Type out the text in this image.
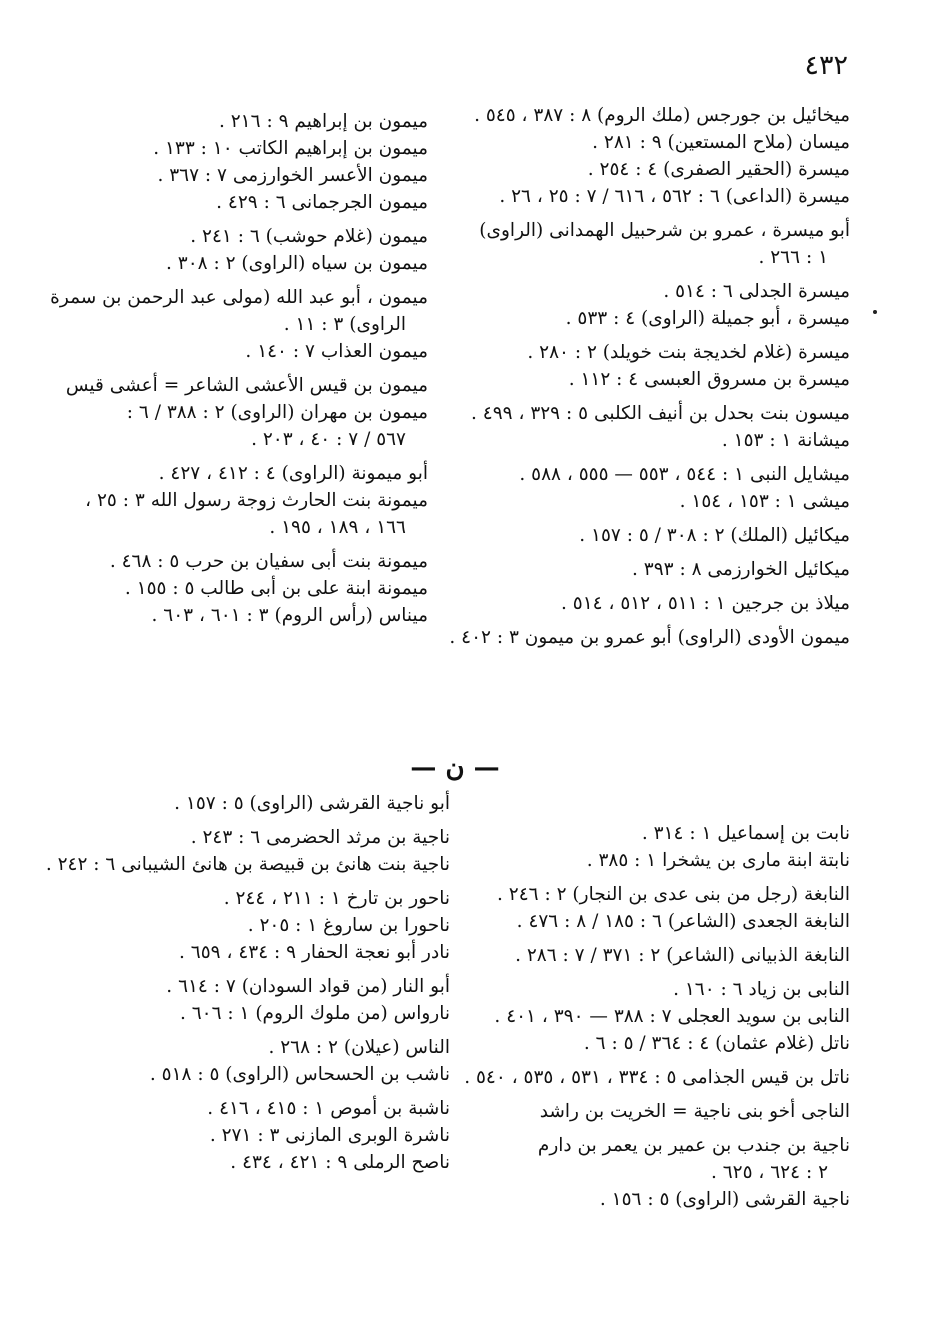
٤٣٢
ميخائيل بن جورجس (ملك الروم) ٨ : ٣٨٧ ، ٥٤٥ .
ميسان (ملاح المستعين) ٩ : ٢٨١ .
ميسرة (الحقير الصفرى) ٤ : ٢٥٤ .
ميسرة (الداعى) ٦ : ٥٦٢ ، ٦١٦ / ٧ : ٢٥ ، ٢٦ .
أبو ميسرة ، عمرو بن شرحبيل الهمدانى (الراوى)
١ : ٢٦٦ .
ميسرة الجدلى ٦ : ٥١٤ .
ميسرة ، أبو جميلة (الراوى) ٤ : ٥٣٣ .
ميسرة (غلام لخديجة بنت خويلد) ٢ : ٢٨٠ .
ميسرة بن مسروق العبسى ٤ : ١١٢ .
ميسون بنت بحدل بن أنيف الكلبى ٥ : ٣٢٩ ، ٤٩٩ .
ميشانة ١ : ١٥٣ .
ميشايل النبى ١ : ٥٤٤ ، ٥٥٣ — ٥٥٥ ، ٥٨٨ .
ميشى ١ : ١٥٣ ، ١٥٤ .
ميكائيل (الملك) ٢ : ٣٠٨ / ٥ : ١٥٧ .
ميكائيل الخوارزمى ٨ : ٣٩٣ .
ميلاذ بن جرجين ١ : ٥١١ ، ٥١٢ ، ٥١٤ .
ميمون الأودى (الراوى) أبو عمرو بن ميمون ٣ : ٤٠٢ .
ميمون بن إبراهيم ٩ : ٢١٦ .
ميمون بن إبراهيم الكاتب ١٠ : ١٣٣ .
ميمون الأعسر الخوارزمى ٧ : ٣٦٧ .
ميمون الجرجمانى ٦ : ٤٢٩ .
ميمون (غلام حوشب) ٦ : ٢٤١ .
ميمون بن سياه (الراوى) ٢ : ٣٠٨ .
ميمون ، أبو عبد الله (مولى عبد الرحمن بن سمرة
الراوى) ٣ : ١١ .
ميمون العذاب ٧ : ١٤٠ .
ميمون بن قيس الأعشى الشاعر = أعشى قيس
ميمون بن مهران (الراوى) ٢ : ٣٨٨ / ٦ :
٥٦٧ / ٧ : ٤٠ ، ٢٠٣ .
أبو ميمونة (الراوى) ٤ : ٤١٢ ، ٤٢٧ .
ميمونة بنت الحارث زوجة رسول الله ٣ : ٢٥ ،
١٦٦ ، ١٨٩ ، ١٩٥ .
ميمونة بنت أبى سفيان بن حرب ٥ : ٤٦٨ .
ميمونة ابنة على بن أبى طالب ٥ : ١٥٥ .
ميناس (رأس الروم) ٣ : ٦٠١ ، ٦٠٣ .
— ن —
نابت بن إسماعيل ١ : ٣١٤ .
نابتة ابنة مارى بن يشخرا ١ : ٣٨٥ .
النابغة (رجل من بنى عدى بن النجار) ٢ : ٢٤٦ .
النابغة الجعدى (الشاعر) ٦ : ١٨٥ / ٨ : ٤٧٦ .
النابغة الذبيانى (الشاعر) ٢ : ٣٧١ / ٧ : ٢٨٦ .
النابى بن زياد ٦ : ١٦٠ .
النابى بن سويد العجلى ٧ : ٣٨٨ — ٣٩٠ ، ٤٠١ .
ناتل (غلام عثمان) ٤ : ٣٦٤ / ٥ : ٦ .
ناتل بن قيس الجذامى ٥ : ٣٣٤ ، ٥٣١ ، ٥٣٥ ، ٥٤٠ .
الناجى أخو بنى ناجية = الخريت بن راشد
ناجية بن جندب بن عمير بن يعمر بن دارم
٢ : ٦٢٤ ، ٦٢٥ .
ناجية القرشى (الراوى) ٥ : ١٥٦ .
أبو ناجية القرشى (الراوى) ٥ : ١٥٧ .
ناجية بن مرثد الحضرمى ٦ : ٢٤٣ .
ناجية بنت هانئ بن قبيصة بن هانئ الشيبانى ٦ : ٢٤٢ .
ناحور بن تارخ ١ : ٢١١ ، ٢٤٤ .
ناحورا بن ساروغ ١ : ٢٠٥ .
نادر أبو نعجة الحفار ٩ : ٤٣٤ ، ٦٥٩ .
أبو النار (من قواد السودان) ٧ : ٦١٤ .
نارواس (من ملوك الروم) ١ : ٦٠٦ .
الناس (عيلان) ٢ : ٢٦٨ .
ناشب بن الحسحاس (الراوى) ٥ : ٥١٨ .
ناشبة بن أموص ١ : ٤١٥ ، ٤١٦ .
ناشرة الوبرى المازنى ٣ : ٢٧١ .
ناصح الرملى ٩ : ٤٢١ ، ٤٣٤ .
